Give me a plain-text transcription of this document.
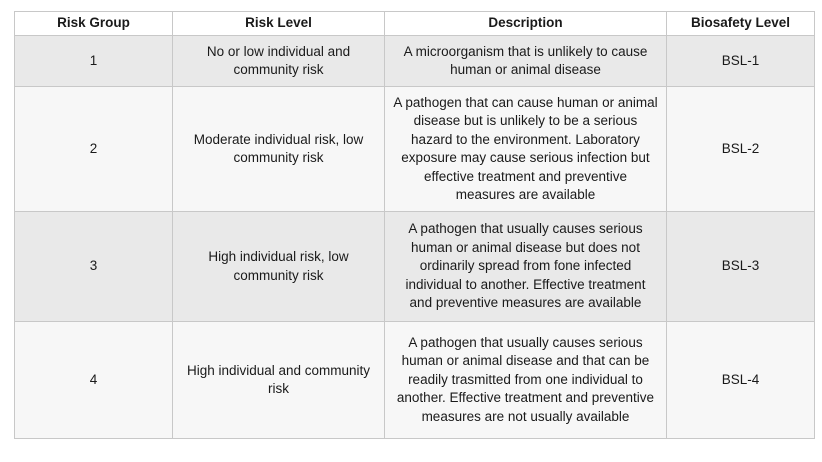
Risk Group	Risk Level	Description	Biosafety Level
1	No or low individual and community risk	A microorganism that is unlikely to cause human or animal disease	BSL-1
2	Moderate individual risk, low community risk	A pathogen that can cause human or animal disease but is unlikely to be a serious hazard to the environment. Laboratory exposure may cause serious infection but effective treatment and preventive measures are available	BSL-2
3	High individual risk, low community risk	A pathogen that usually causes serious human or animal disease but does not ordinarily spread from fone infected individual to another. Effective treatment and preventive measures are available	BSL-3
4	High individual and community risk	A pathogen that usually causes serious human or animal disease and that can be readily trasmitted from one individual to another. Effective treatment and preventive measures are not usually available	BSL-4
